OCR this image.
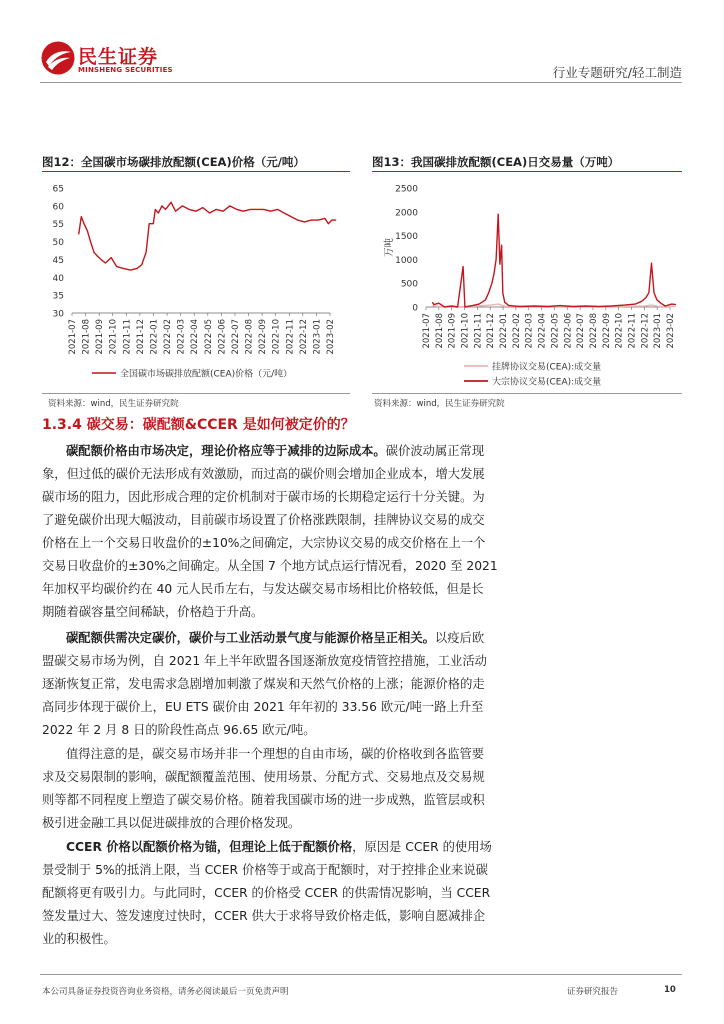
民生证券
MINSHENG SECURITIES	行业专题研究/轻工制造
图12：全国碳市场碳排放配额(CEA)价格（元/吨）
30
35
40
45
50
55
60
65
2021-07 2021-08 2021-09 2021-10 2021-11 2021-12 2022-01 2022-02 2022-03 2022-04 2022-05 2022-06 2022-07 2022-08 2022-09 2022-10 2022-11 2022-12 2023-01 2023-02
全国碳市场碳排放配额(CEA)价格（元/吨）
资料来源：wind，民生证券研究院
图13：我国碳排放配额(CEA)日交易量（万吨）
0
500
1000
1500
2000
2500
2021-07 2021-08 2021-09 2021-10 2021-11 2021-12 2022-01 2022-02 2022-03 2022-04 2022-05 2022-06 2022-07 2022-08 2022-09 2022-10 2022-11 2022-12 2023-01 2023-02
万吨
挂牌协议交易(CEA):成交量
大宗协议交易(CEA):成交量
资料来源：wind，民生证券研究院
1.3.4 碳交易：碳配额&CCER 是如何被定价的？
碳配额价格由市场决定，理论价格应等于减排的边际成本。碳价波动属正常现
象，但过低的碳价无法形成有效激励，而过高的碳价则会增加企业成本，增大发展
碳市场的阻力，因此形成合理的定价机制对于碳市场的长期稳定运行十分关键。为
了避免碳价出现大幅波动，目前碳市场设置了价格涨跌限制，挂牌协议交易的成交
价格在上一个交易日收盘价的±10%之间确定，大宗协议交易的成交价格在上一个
交易日收盘价的±30%之间确定。从全国 7 个地方试点运行情况看，2020 至 2021
年加权平均碳价约在 40 元人民币左右，与发达碳交易市场相比价格较低，但是长
期随着碳容量空间稀缺，价格趋于升高。
碳配额供需决定碳价，碳价与工业活动景气度与能源价格呈正相关。以疫后欧
盟碳交易市场为例，自 2021 年上半年欧盟各国逐渐放宽疫情管控措施，工业活动
逐渐恢复正常，发电需求急剧增加刺激了煤炭和天然气价格的上涨；能源价格的走
高同步体现于碳价上，EU ETS 碳价由 2021 年年初的 33.56 欧元/吨一路上升至
2022 年 2 月 8 日的阶段性高点 96.65 欧元/吨。
值得注意的是，碳交易市场并非一个理想的自由市场，碳的价格收到各监管要
求及交易限制的影响，碳配额覆盖范围、使用场景、分配方式、交易地点及交易规
则等都不同程度上塑造了碳交易价格。随着我国碳市场的进一步成熟，监管层或积
极引进金融工具以促进碳排放的合理价格发现。
CCER 价格以配额价格为锚，但理论上低于配额价格，原因是 CCER 的使用场
景受制于 5%的抵消上限，当 CCER 价格等于或高于配额时，对于控排企业来说碳
配额将更有吸引力。与此同时，CCER 的价格受 CCER 的供需情况影响，当 CCER
签发量过大、签发速度过快时，CCER 供大于求将导致价格走低，影响自愿减排企
业的积极性。
本公司具备证券投资咨询业务资格，请务必阅读最后一页免责声明	证券研究报告	10
